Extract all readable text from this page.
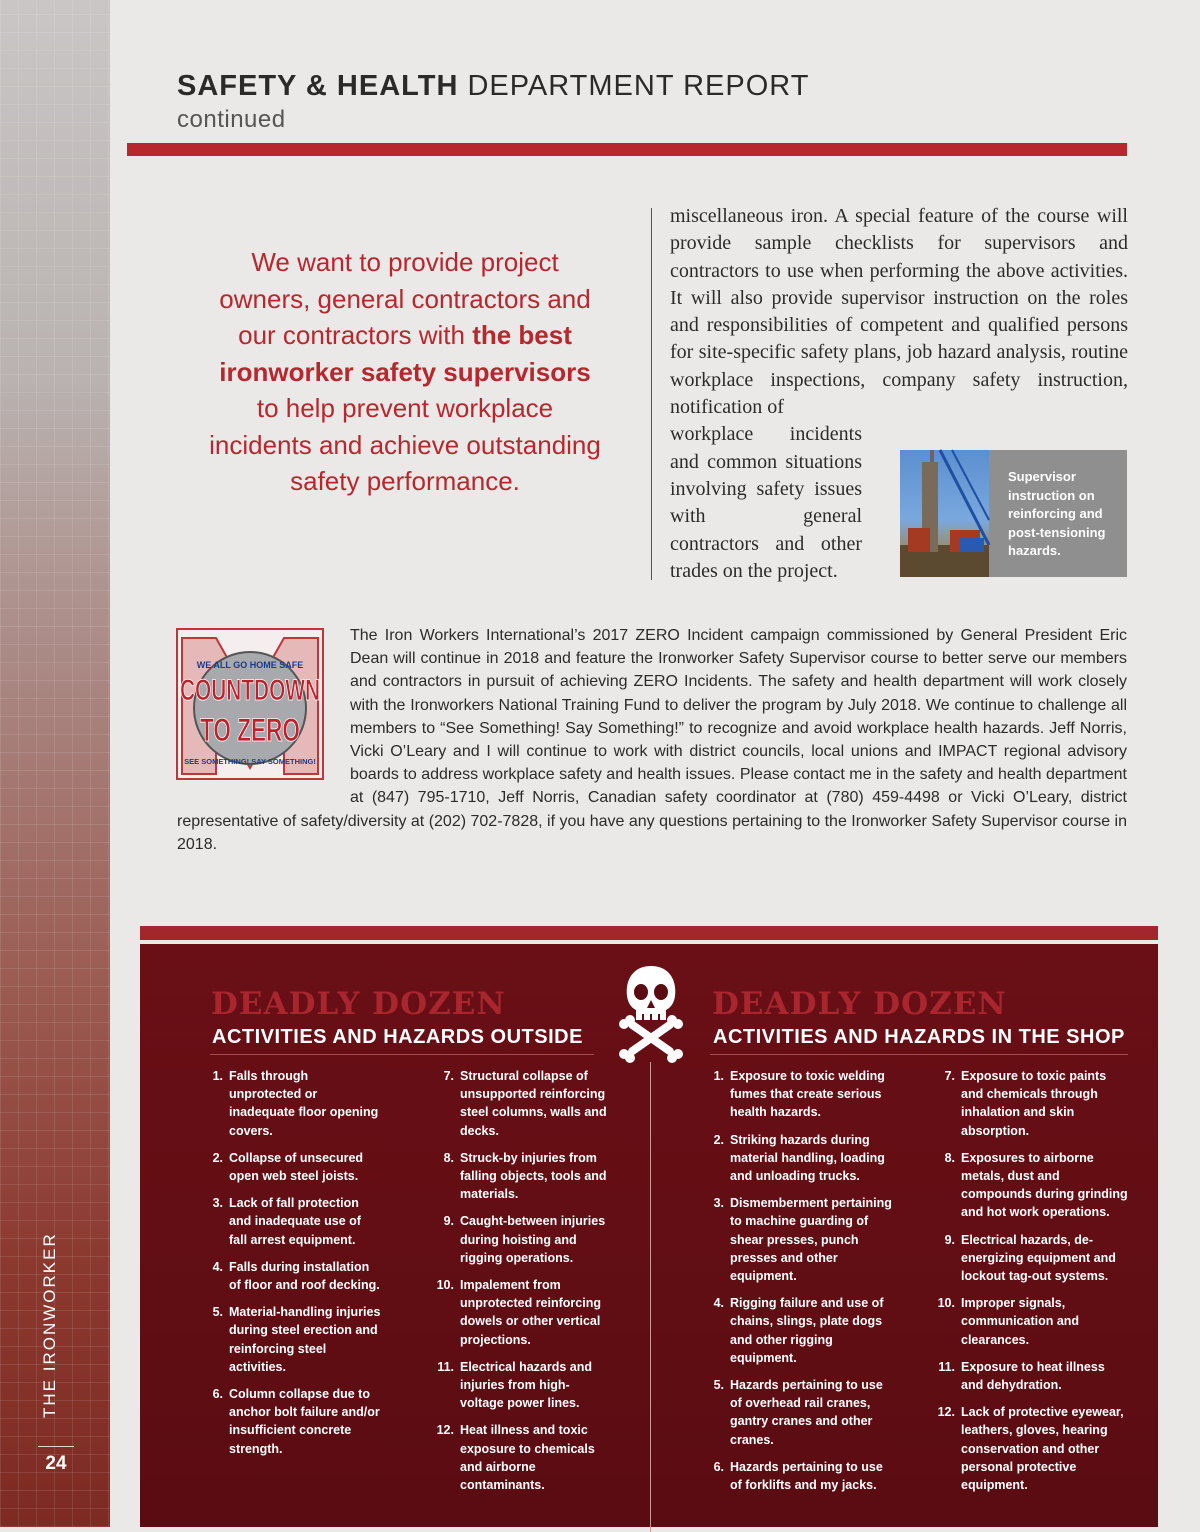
THE IRONWORKER
24
SAFETY & HEALTH DEPARTMENT REPORT
continued
We want to provide project owners, general contractors and our contractors with the best ironworker safety supervisors to help prevent workplace incidents and achieve outstanding safety performance.
miscellaneous iron. A special feature of the course will provide sample checklists for supervisors and contractors to use when performing the above activities. It will also provide supervisor instruction on the roles and responsibilities of competent and qualified persons for site-specific safety plans, job hazard analysis, routine workplace inspections, company safety instruction, notification of
workplace incidents and common situations involving safety issues with general contractors and other trades on the project.
Supervisor instruction on reinforcing and post-tensioning hazards.
WE ALL GO HOME SAFE
COUNTDOWN
TO ZERO
SEE SOMETHING! SAY SOMETHING!
The Iron Workers International’s 2017 ZERO Incident campaign commissioned by General President Eric Dean will continue in 2018 and feature the Ironworker Safety Supervisor course to better serve our members and contractors in pursuit of achieving ZERO Incidents. The safety and health department will work closely with the Ironworkers National Training Fund to deliver the program by July 2018. We continue to challenge all members to “See Something! Say Something!” to recognize and avoid workplace health hazards. Jeff Norris, Vicki O’Leary and I will continue to work with district councils, local unions and IMPACT regional advisory boards to address workplace safety and health issues. Please contact me in the safety and health department at (847) 795-1710, Jeff Norris, Canadian safety coordinator at (780) 459-4498 or Vicki O’Leary, district representative of safety/diversity at (202) 702-7828, if you have any questions pertaining to the Ironworker Safety Supervisor course in 2018.
DEADLY DOZEN
ACTIVITIES AND HAZARDS OUTSIDE
DEADLY DOZEN
ACTIVITIES AND HAZARDS IN THE SHOP
1. Falls through unprotected or inadequate floor opening covers.
2. Collapse of unsecured open web steel joists.
3. Lack of fall protection and inadequate use of fall arrest equipment.
4. Falls during installation of floor and roof decking.
5. Material-handling injuries during steel erection and reinforcing steel activities.
6. Column collapse due to anchor bolt failure and/or insufficient concrete strength.
7. Structural collapse of unsupported reinforcing steel columns, walls and decks.
8. Struck-by injuries from falling objects, tools and materials.
9. Caught-between injuries during hoisting and rigging operations.
10. Impalement from unprotected reinforcing dowels or other vertical projections.
11. Electrical hazards and injuries from high-voltage power lines.
12. Heat illness and toxic exposure to chemicals and airborne contaminants.
1. Exposure to toxic welding fumes that create serious health hazards.
2. Striking hazards during material handling, loading and unloading trucks.
3. Dismemberment pertaining to machine guarding of shear presses, punch presses and other equipment.
4. Rigging failure and use of chains, slings, plate dogs and other rigging equipment.
5. Hazards pertaining to use of overhead rail cranes, gantry cranes and other cranes.
6. Hazards pertaining to use of forklifts and my jacks.
7. Exposure to toxic paints and chemicals through inhalation and skin absorption.
8. Exposures to airborne metals, dust and compounds during grinding and hot work operations.
9. Electrical hazards, de-energizing equipment and lockout tag-out systems.
10. Improper signals, communication and clearances.
11. Exposure to heat illness and dehydration.
12. Lack of protective eyewear, leathers, gloves, hearing conservation and other personal protective equipment.
